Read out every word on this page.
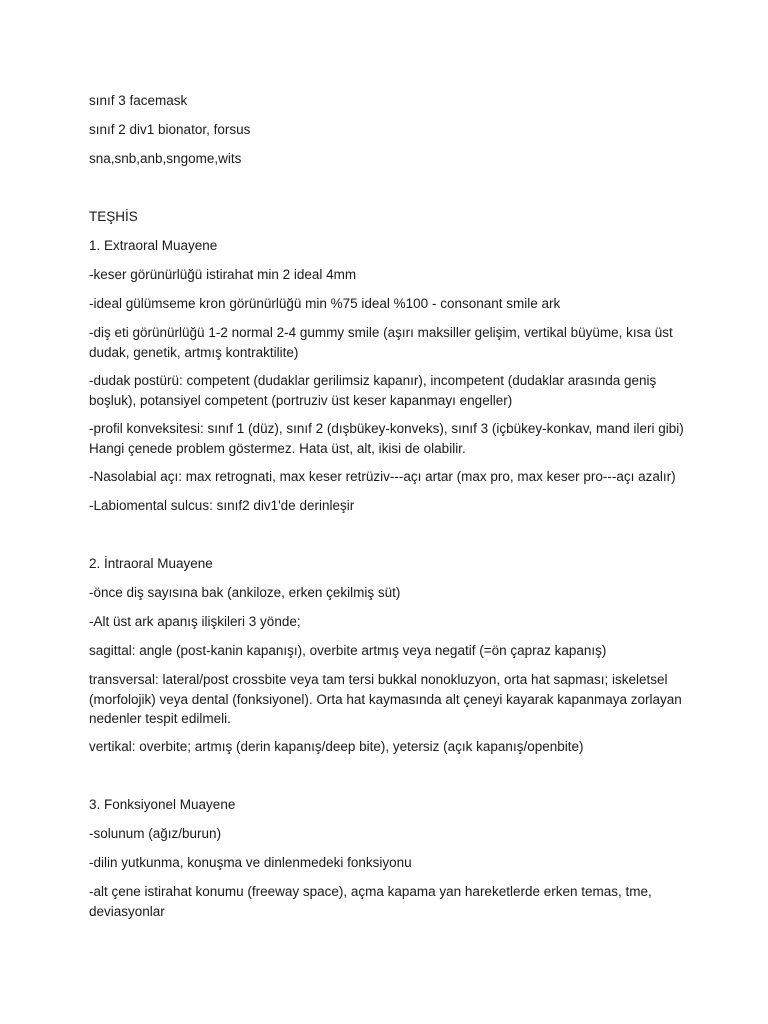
sınıf 3 facemask

sınıf 2 div1 bionator, forsus

sna,snb,anb,sngome,wits

TEŞHİS

1. Extraoral Muayene

-keser görünürlüğü istirahat min 2 ideal 4mm

-ideal gülümseme kron görünürlüğü min %75 ideal %100 - consonant smile ark

-diş eti görünürlüğü 1-2 normal 2-4 gummy smile (aşırı maksiller gelişim, vertikal büyüme, kısa üst dudak, genetik, artmış kontraktilite)

-dudak postürü: competent (dudaklar gerilimsiz kapanır), incompetent (dudaklar arasında geniş boşluk), potansiyel competent (portruziv üst keser kapanmayı engeller)

-profil konveksitesi: sınıf 1 (düz), sınıf 2 (dışbükey-konveks), sınıf 3 (içbükey-konkav, mand ileri gibi) Hangi çenede problem göstermez. Hata üst, alt, ikisi de olabilir.

-Nasolabial açı: max retrognati, max keser retrüziv---açı artar (max pro, max keser pro---açı azalır)

-Labiomental sulcus: sınıf2 div1'de derinleşir

2. İntraoral Muayene

-önce diş sayısına bak (ankiloze, erken çekilmiş süt)

-Alt üst ark apanış ilişkileri 3 yönde;

sagittal: angle (post-kanin kapanışı), overbite artmış veya negatif (=ön çapraz kapanış)

transversal: lateral/post crossbite veya tam tersi bukkal nonokluzyon, orta hat sapması; iskeletsel (morfolojik) veya dental (fonksiyonel). Orta hat kaymasında alt çeneyi kayarak kapanmaya zorlayan nedenler tespit edilmeli.

vertikal: overbite; artmış (derin kapanış/deep bite), yetersiz (açık kapanış/openbite)

3. Fonksiyonel Muayene

-solunum (ağız/burun)

-dilin yutkunma, konuşma ve dinlenmedeki fonksiyonu

-alt çene istirahat konumu (freeway space), açma kapama yan hareketlerde erken temas, tme, deviasyonlar
